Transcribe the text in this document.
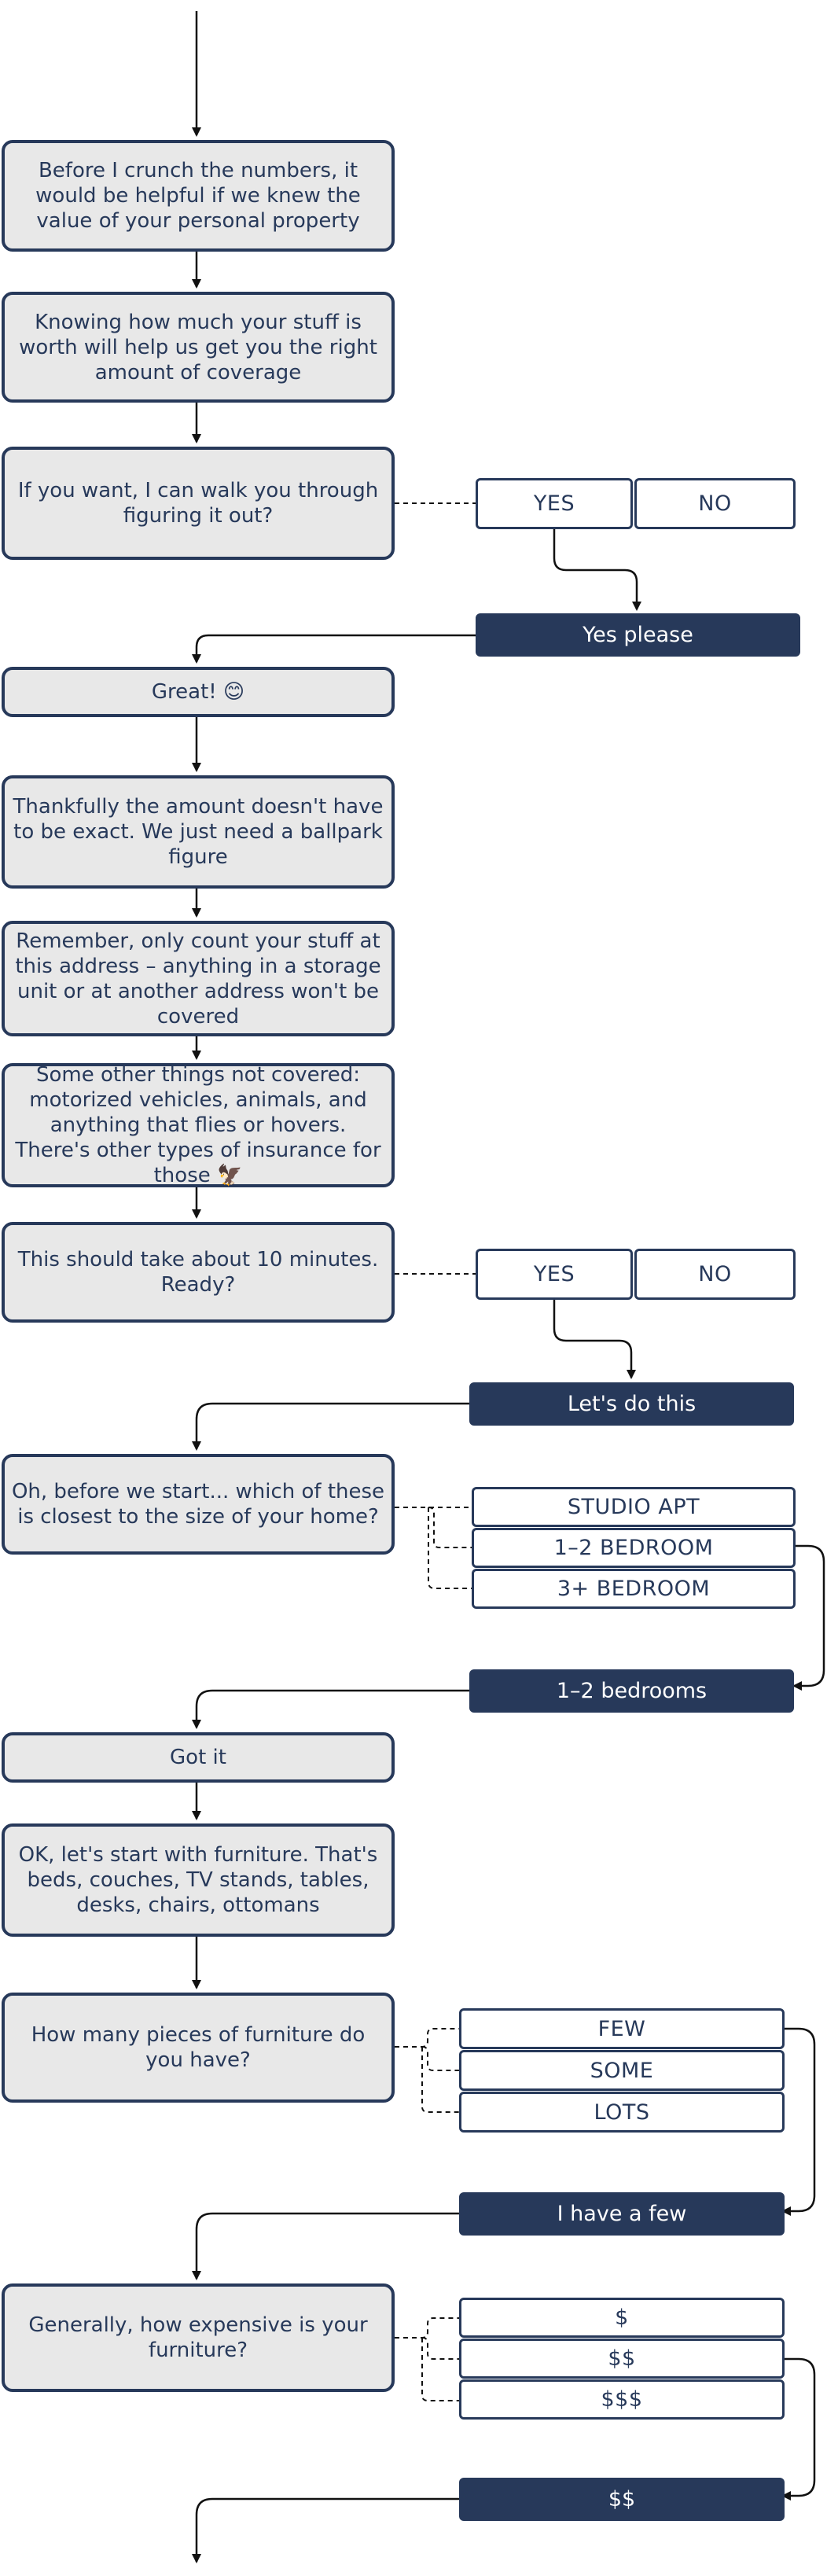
Before I crunch the numbers, it would be helpful if we knew the value of your personal property
Knowing how much your stuff is worth will help us get you the right amount of coverage
If you want, I can walk you through figuring it out?
Great! 😊
Thankfully the amount doesn't have to be exact. We just need a ballpark figure
Remember, only count your stuff at this address – anything in a storage unit or at another address won't be covered
Some other things not covered: motorized vehicles, animals, and anything that flies or hovers. There's other types of insurance for those 🦅
This should take about 10 minutes. Ready?
Oh, before we start... which of these is closest to the size of your home?
Got it
OK, let's start with furniture. That's beds, couches, TV stands, tables, desks, chairs, ottomans
How many pieces of furniture do you have?
Generally, how expensive is your furniture?
YES	NO
YES	NO
STUDIO APT
1–2 BEDROOM
3+ BEDROOM
FEW
SOME
LOTS
$
$$
$$$
Yes please
Let's do this
1–2 bedrooms
I have a few
$$
